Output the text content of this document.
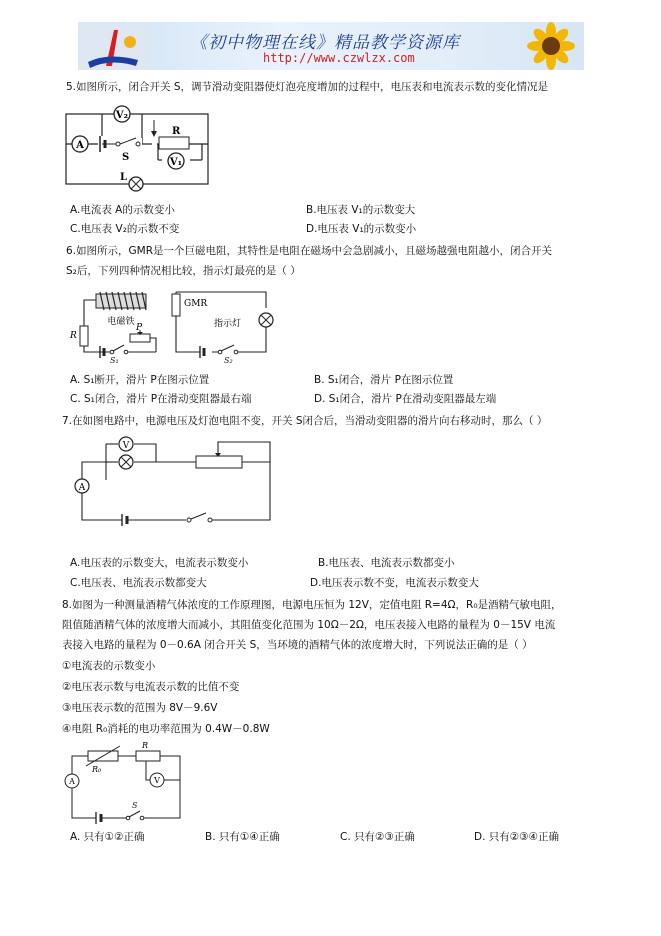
《初中物理在线》精品教学资源库
http://www.czwlzx.com
5.如图所示，闭合开关 S，调节滑动变阻器使灯泡亮度增加的过程中，电压表和电流表示数的变化情况是
V₂
A
S
R
V₁
L
A.电流表 A的示数变小	B.电压表 V₁的示数变大
C.电压表 V₂的示数不变	D.电压表 V₁的示数变小
6.如图所示，GMR是一个巨磁电阻，其特性是电阻在磁场中会急剧减小，且磁场越强电阻越小，闭合开关
S₂后，下列四种情况相比较，指示灯最亮的是（ ）
电磁铁
GMR
指示灯
R
P
S₁	S₂
A. S₁断开，滑片 P在图示位置	B. S₁闭合，滑片 P在图示位置
C. S₁闭合，滑片 P在滑动变阻器最右端	D. S₁闭合，滑片 P在滑动变阻器最左端
7.在如图电路中，电源电压及灯泡电阻不变，开关 S闭合后，当滑动变阻器的滑片向右移动时，那么（ ）
V
A
A.电压表的示数变大，电流表示数变小	B.电压表、电流表示数都变小
C.电压表、电流表示数都变大	D.电压表示数不变，电流表示数变大
8.如图为一种测量酒精气体浓度的工作原理图，电源电压恒为 12V，定值电阻 R=4Ω，R₀是酒精气敏电阻，
阻值随酒精气体的浓度增大而减小，其阻值变化范围为 10Ω－2Ω，电压表接入电路的量程为 0－15V 电流
表接入电路的量程为 0－0.6A 闭合开关 S，当环境的酒精气体的浓度增大时，下列说法正确的是（ ）
①电流表的示数变小
②电压表示数与电流表示数的比值不变
③电压表示数的范围为 8V－9.6V
④电阻 R₀消耗的电功率范围为 0.4W－0.8W
R₀
R
V
A
S
A. 只有①②正确	B. 只有①④正确	C. 只有②③正确	D. 只有②③④正确
